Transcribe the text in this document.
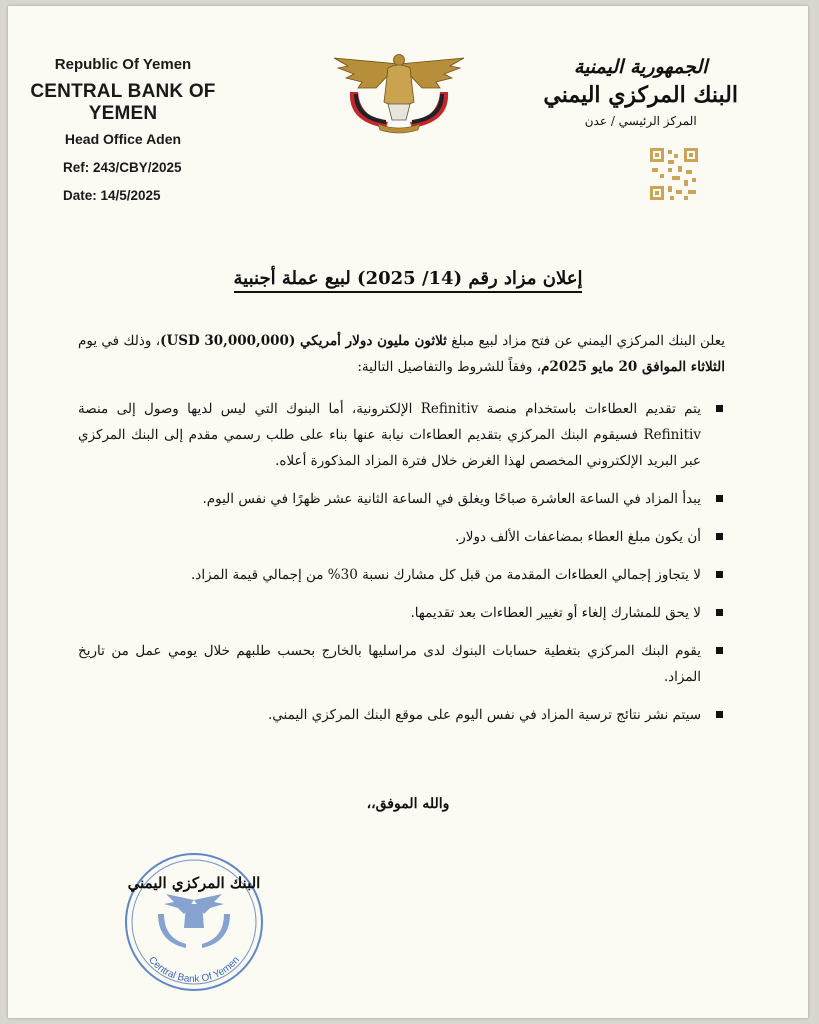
Republic Of Yemen
CENTRAL BANK OF YEMEN
Head Office Aden
Ref: 243/CBY/2025
Date: 14/5/2025
الجمهورية اليمنية
البنك المركزي اليمني
المركز الرئيسي / عدن
إعلان مزاد رقم (14/ 2025) لبيع عملة أجنبية
يعلن البنك المركزي اليمني عن فتح مزاد لبيع مبلغ ثلاثون مليون دولار أمريكي (30,000,000 USD)، وذلك في يوم الثلاثاء الموافق 20 مايو 2025م، وفقاً للشروط والتفاصيل التالية:
يتم تقديم العطاءات باستخدام منصة Refinitiv الإلكترونية، أما البنوك التي ليس لديها وصول إلى منصة Refinitiv فسيقوم البنك المركزي بتقديم العطاءات نيابة عنها بناء على طلب رسمي مقدم إلى البنك المركزي عبر البريد الإلكتروني المخصص لهذا الغرض خلال فترة المزاد المذكورة أعلاه.
يبدأ المزاد في الساعة العاشرة صباحًا ويغلق في الساعة الثانية عشر ظهرًا في نفس اليوم.
أن يكون مبلغ العطاء بمضاعفات الألف دولار.
لا يتجاوز إجمالي العطاءات المقدمة من قبل كل مشارك نسبة 30% من إجمالي قيمة المزاد.
لا يحق للمشارك إلغاء أو تغيير العطاءات بعد تقديمها.
يقوم البنك المركزي بتغطية حسابات البنوك لدى مراسليها بالخارج بحسب طلبهم خلال يومي عمل من تاريخ المزاد.
سيتم نشر نتائج ترسية المزاد في نفس اليوم على موقع البنك المركزي اليمني.
والله الموفق،،
البنك المركزي اليمني
Central Bank Of Yemen
